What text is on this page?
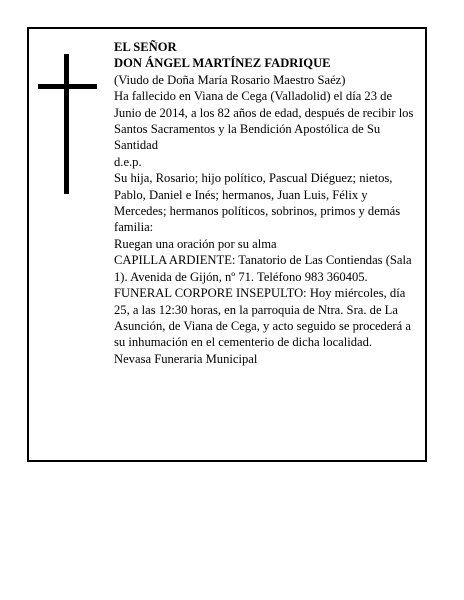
EL SEÑOR
DON ÁNGEL MARTÍNEZ FADRIQUE
(Viudo de Doña María Rosario Maestro Saéz)
Ha fallecido en Viana de Cega (Valladolid) el día 23 de Junio de 2014, a los 82 años de edad, después de recibir los Santos Sacramentos y la Bendición Apostólica de Su Santidad
d.e.p.
Su hija, Rosario; hijo político, Pascual Diéguez; nietos, Pablo, Daniel e Inés; hermanos, Juan Luis, Félix y Mercedes; hermanos políticos, sobrinos, primos y demás familia:
Ruegan una oración por su alma
CAPILLA ARDIENTE: Tanatorio de Las Contiendas (Sala 1). Avenida de Gijón, nº 71. Teléfono 983 360405.
FUNERAL CORPORE INSEPULTO: Hoy miércoles, día 25, a las 12:30 horas, en la parroquia de Ntra. Sra. de La Asunción, de Viana de Cega, y acto seguido se procederá a su inhumación en el cementerio de dicha localidad.
Nevasa Funeraria Municipal
